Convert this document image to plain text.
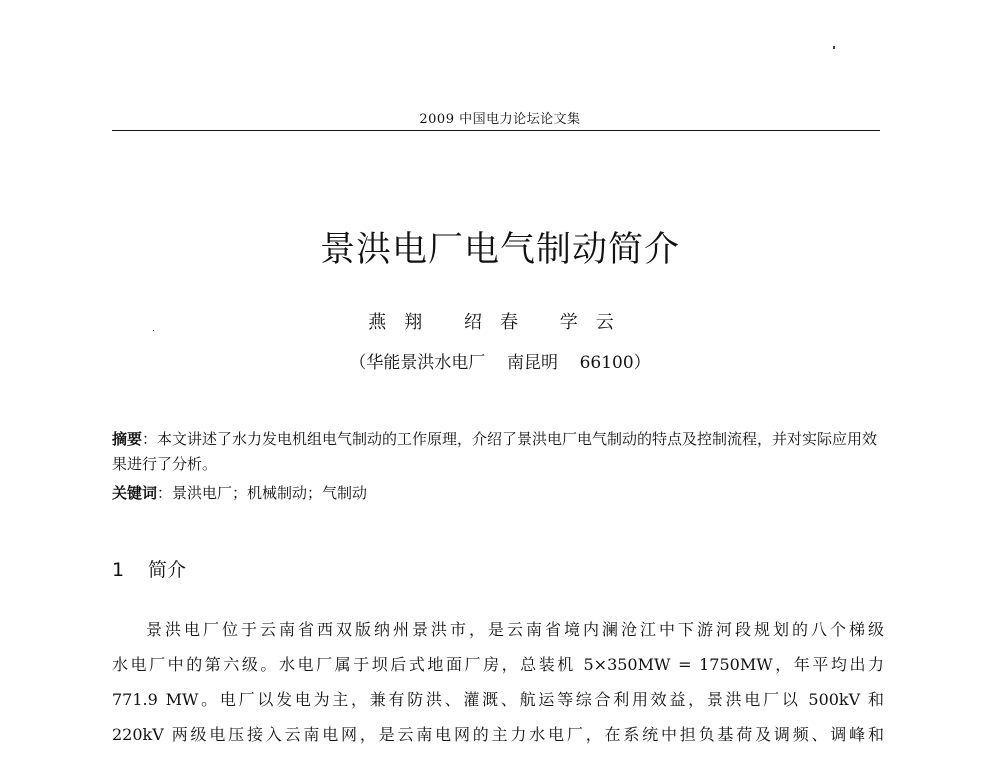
2009 中国电力论坛论文集
景洪电厂电气制动简介
燕翔 绍春 学云
（华能景洪水电厂    南昆明    66100）
摘要：本文讲述了水力发电机组电气制动的工作原理，介绍了景洪电厂电气制动的特点及控制流程，并对实际应用效果进行了分析。
关键词：景洪电厂；机械制动；气制动
1 简介
景洪电厂位于云南省西双版纳州景洪市，是云南省境内澜沧江中下游河段规划的八个梯级
水电厂中的第六级。水电厂属于坝后式地面厂房，总装机 5×350MW = 1750MW，年平均出力
771.9 MW。电厂以发电为主，兼有防洪、灌溉、航运等综合利用效益，景洪电厂以 500kV 和
220kV 两级电压接入云南电网，是云南电网的主力水电厂，在系统中担负基荷及调频、调峰和
